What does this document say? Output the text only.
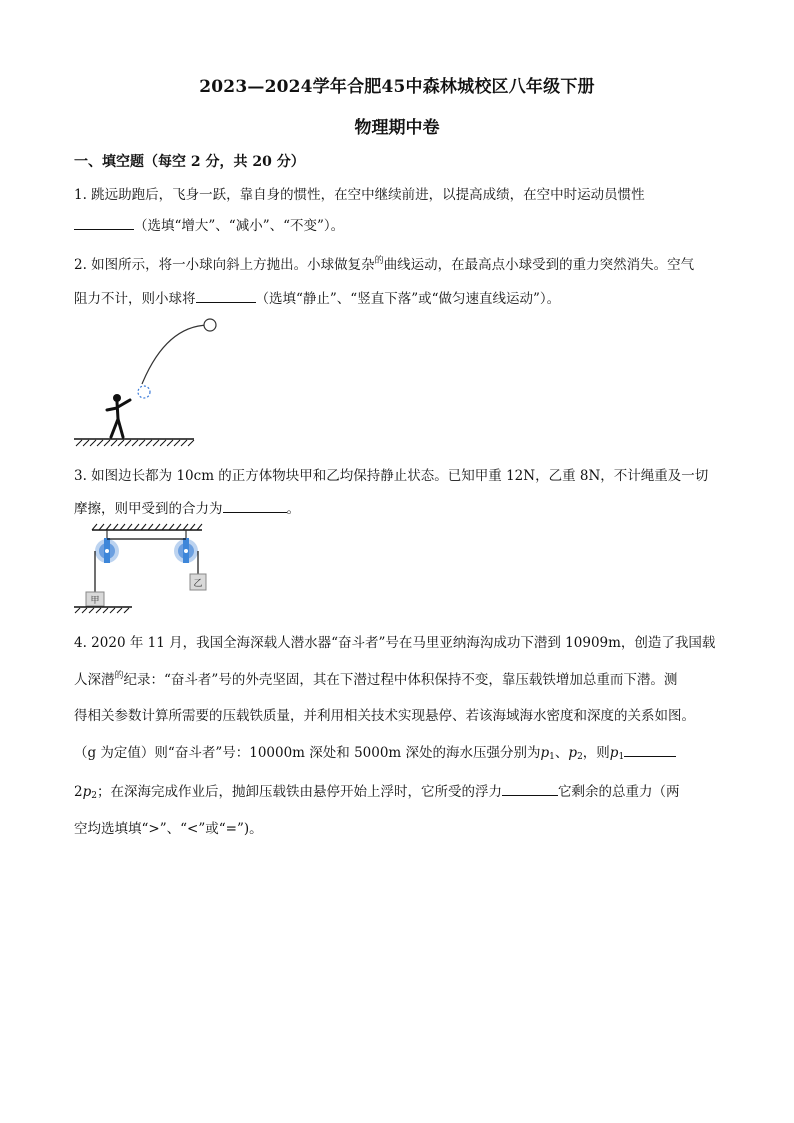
2023—2024学年合肥45中森林城校区八年级下册
物理期中卷
一、填空题（每空 2 分，共 20 分）
1. 跳远助跑后，飞身一跃，靠自身的惯性，在空中继续前进，以提高成绩，在空中时运动员惯性
（选填“增大”、“减小”、“不变”）。
2. 如图所示，将一小球向斜上方抛出。小球做复杂$^的$曲线运动，在最高点小球受到的重力突然消失。空气
阻力不计，则小球将	（选填“静止”、“竖直下落”或“做匀速直线运动”）。
3. 如图边长都为 10cm 的正方体物块甲和乙均保持静止状态。已知甲重 12N，乙重 8N，不计绳重及一切
摩擦，则甲受到的合力为	。
甲
乙
4. 2020 年 11 月，我国全海深载人潜水器“奋斗者”号在马里亚纳海沟成功下潜到 10909m，创造了我国载
人深潜$^的$纪录：“奋斗者”号的外壳坚固，其在下潜过程中体积保持不变，靠压载铁增加总重而下潜。测
得相关参数计算所需要的压载铁质量，并利用相关技术实现悬停、若该海域海水密度和深度的关系如图。
（g 为定值）则“奋斗者”号：10000m 深处和 5000m 深处的海水压强分别为$p_1$、$p_2$，则$p_1$
$2p_2$；在深海完成作业后，抛卸压载铁由悬停开始上浮时，它所受的浮力	它剩余的总重力（两
空均选填填“>”、“<”或“=”)。
